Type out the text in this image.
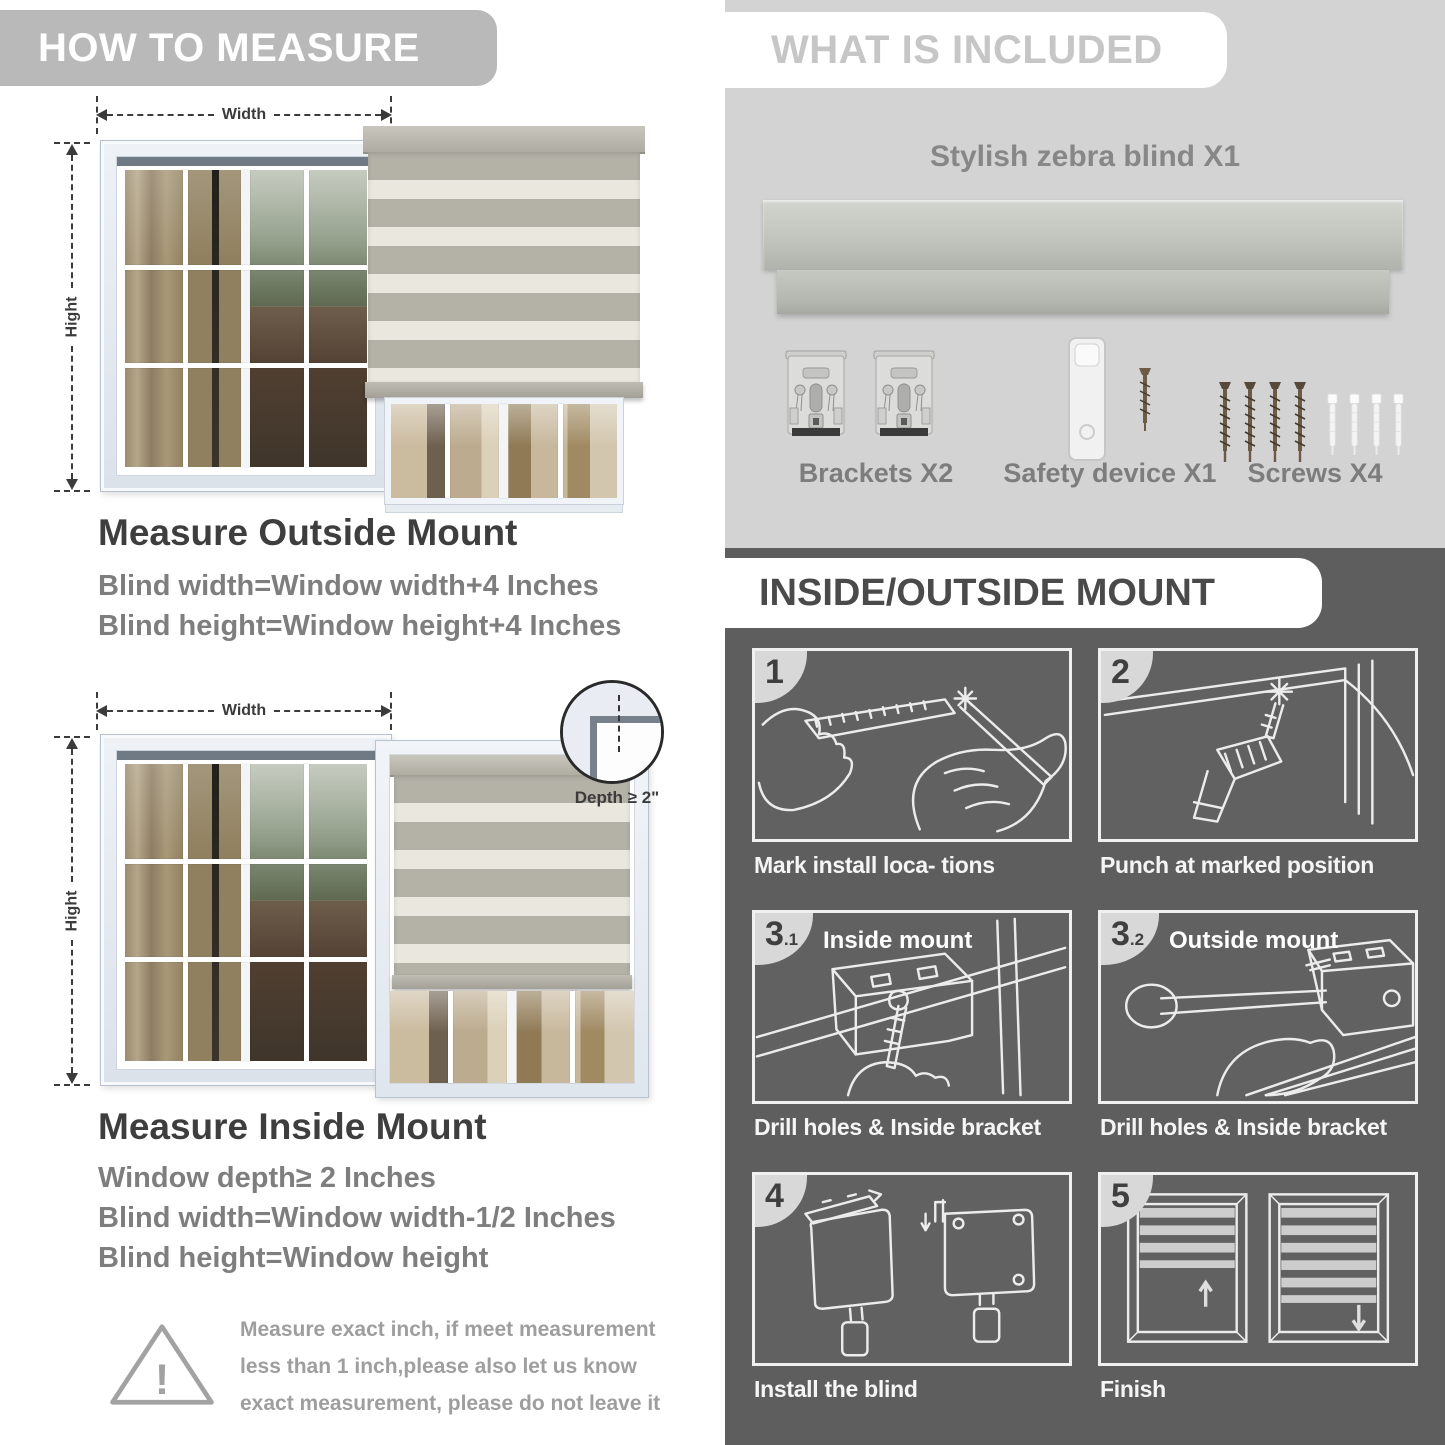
HOW TO MEASURE
Width
Hight
Measure Outside Mount

Blind width=Window width+4 Inches

Blind height=Window height+4 Inches

Width
Hight
Depth ≥ 2"
Measure Inside Mount

Window depth≥ 2 Inches

Blind width=Window width-1/2 Inches

Blind height=Window height

!

Measure exact inch, if meet measurement less than 1 inch,please also let us know exact measurement, please do not leave it

WHAT IS INCLUDED

Stylish zebra blind X1

Brackets X2	Safety device X1	Screws X4

INSIDE/OUTSIDE MOUNT
1
Mark install loca- tions
2
Punch at marked position
3.1	Inside mount
Drill holes & Inside bracket
3.2	Outside mount
Drill holes & Inside bracket
4
Install the blind
5
Finish
